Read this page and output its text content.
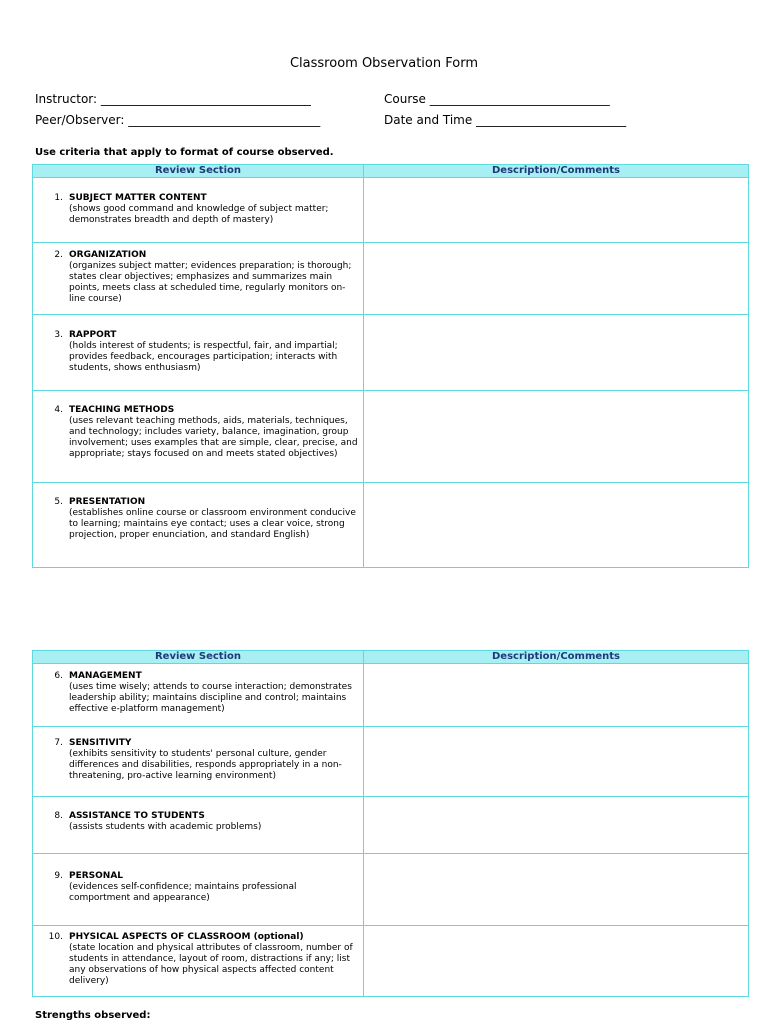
Classroom Observation Form
Instructor: ___________________________________	Course ______________________________
Peer/Observer: ________________________________	Date and Time _________________________
Use criteria that apply to format of course observed.
Review Section	Description/Comments

1. SUBJECT MATTER CONTENT
(shows good command and knowledge of subject matter; demonstrates breadth and depth of mastery)	

2. ORGANIZATION
(organizes subject matter; evidences preparation; is thorough; states clear objectives; emphasizes and summarizes main points, meets class at scheduled time, regularly monitors on-line course)	

3. RAPPORT
(holds interest of students; is respectful, fair, and impartial; provides feedback, encourages participation; interacts with students, shows enthusiasm)	

4. TEACHING METHODS
(uses relevant teaching methods, aids, materials, techniques, and technology; includes variety, balance, imagination, group involvement; uses examples that are simple, clear, precise, and appropriate; stays focused on and meets stated objectives)	

5. PRESENTATION
(establishes online course or classroom environment conducive to learning; maintains eye contact; uses a clear voice, strong projection, proper enunciation, and standard English)	

Review Section	Description/Comments

6. MANAGEMENT
(uses time wisely; attends to course interaction; demonstrates leadership ability; maintains discipline and control; maintains effective e-platform management)	

7. SENSITIVITY
(exhibits sensitivity to students' personal culture, gender differences and disabilities, responds appropriately in a non-threatening, pro-active learning environment)	

8. ASSISTANCE TO STUDENTS
(assists students with academic problems)	

9. PERSONAL
(evidences self-confidence; maintains professional comportment and appearance)	

10. PHYSICAL ASPECTS OF CLASSROOM (optional)
(state location and physical attributes of classroom, number of students in attendance, layout of room, distractions if any; list any observations of how physical aspects affected content delivery)	

Strengths observed:
